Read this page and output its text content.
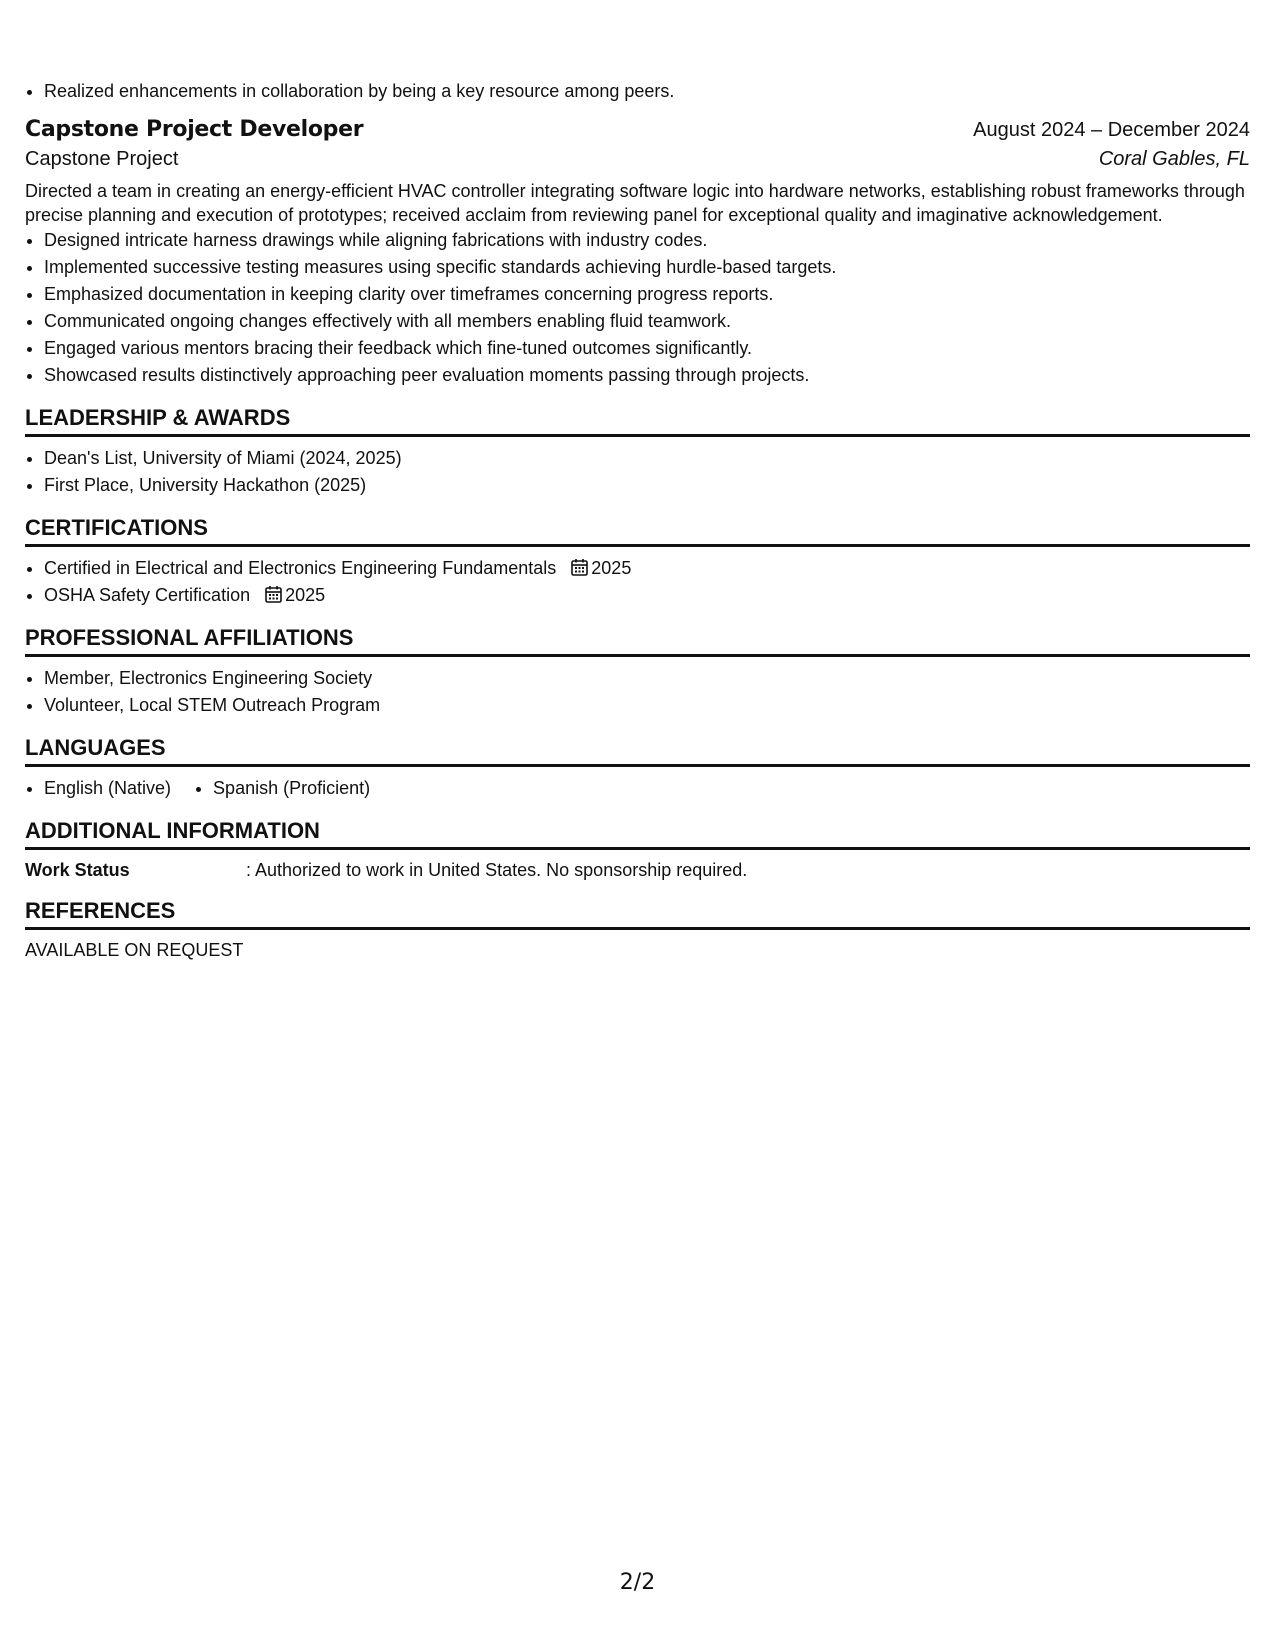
• Realized enhancements in collaboration by being a key resource among peers.
Capstone Project Developer	August 2024 – December 2024
Capstone Project	Coral Gables, FL
Directed a team in creating an energy-efficient HVAC controller integrating software logic into hardware networks, establishing robust frameworks through precise planning and execution of prototypes; received acclaim from reviewing panel for exceptional quality and imaginative acknowledgement.
• Designed intricate harness drawings while aligning fabrications with industry codes.
• Implemented successive testing measures using specific standards achieving hurdle-based targets.
• Emphasized documentation in keeping clarity over timeframes concerning progress reports.
• Communicated ongoing changes effectively with all members enabling fluid teamwork.
• Engaged various mentors bracing their feedback which fine-tuned outcomes significantly.
• Showcased results distinctively approaching peer evaluation moments passing through projects.
LEADERSHIP & AWARDS
• Dean's List, University of Miami (2024, 2025)
• First Place, University Hackathon (2025)
CERTIFICATIONS
• Certified in Electrical and Electronics Engineering Fundamentals 2025
• OSHA Safety Certification 2025
PROFESSIONAL AFFILIATIONS
• Member, Electronics Engineering Society
• Volunteer, Local STEM Outreach Program
LANGUAGES
• English (Native)
• Spanish (Proficient)
ADDITIONAL INFORMATION
Work Status	: Authorized to work in United States. No sponsorship required.
REFERENCES
AVAILABLE ON REQUEST
2/2
